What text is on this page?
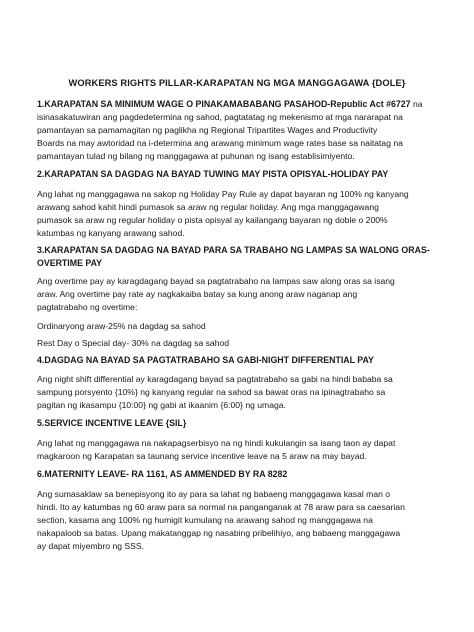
WORKERS RIGHTS PILLAR-KARAPATAN NG MGA MANGGAGAWA {DOLE}
1.KARAPATAN SA MINIMUM WAGE O PINAKAMABABANG PASAHOD-Republic Act #6727 na
isinasakatuwiran ang pagdedetermina ng sahod, pagtatatag ng mekenismo at mga nararapat na
pamantayan sa pamamagitan ng paglikha ng Regional Tripartites Wages and Productivity
Boards na may awtoridad na i-determina ang arawang minimum wage rates base sa naitatag na
pamantayan tulad ng bilang ng manggagawa at puhunan ng isang establisimiyento.
2.KARAPATAN SA DAGDAG NA BAYAD TUWING MAY PISTA OPISYAL-HOLIDAY PAY
Ang lahat ng manggagawa na sakop ng Holiday Pay Rule ay dapat bayaran ng 100% ng kanyang
arawang sahod kahit hindi pumasok sa araw ng regular holiday. Ang mga manggagawang
pumasok sa araw ng regular holiday o pista opisyal ay kailangang bayaran ng doble o 200%
katumbas ng kanyang arawang sahod.
3.KARAPATAN SA DAGDAG NA BAYAD PARA SA TRABAHO NG LAMPAS SA WALONG ORAS-
OVERTIME PAY
Ang overtime pay ay karagdagang bayad sa pagtatrabaho na lampas saw along oras sa isang
araw. Ang overtime pay rate ay nagkakaiba batay sa kung anong araw naganap ang
pagtatrabaho ng overtime:
Ordinaryong araw-25% na dagdag sa sahod
Rest Day o Special day- 30% na dagdag sa sahod
4.DAGDAG NA BAYAD SA PAGTATRABAHO SA GABI-NIGHT DIFFERENTIAL PAY
Ang night shift differential ay karagdagang bayad sa pagtatrabaho sa gabi na hindi bababa sa
sampung porsyento {10%} ng kanyang regular na sahod sa bawat oras na ipinagtrabaho sa
pagitan ng ikasampu {10:00} ng gabi at ikaanim {6:00} ng umaga.
5.SERVICE INCENTIVE LEAVE {SIL}
Ang lahat ng manggagawa na nakapagserbisyo na ng hindi kukulangin sa isang taon ay dapat
magkaroon ng Karapatan sa taunang service incentive leave na 5 araw na may bayad.
6.MATERNITY LEAVE- RA 1161, AS AMMENDED BY RA 8282
Ang sumasaklaw sa benepisyong ito ay para sa lahat ng babaeng manggagawa kasal man o
hindi. Ito ay katumbas ng 60 araw para sa normal na panganganak at 78 araw para sa caesarian
section, kasama ang 100% ng humigit kumulang na arawang sahod ng manggagawa na
nakapaloob sa batas. Upang makatanggap ng nasabing pribelihiyo, ang babaeng manggagawa
ay dapat miyembro ng SSS.
